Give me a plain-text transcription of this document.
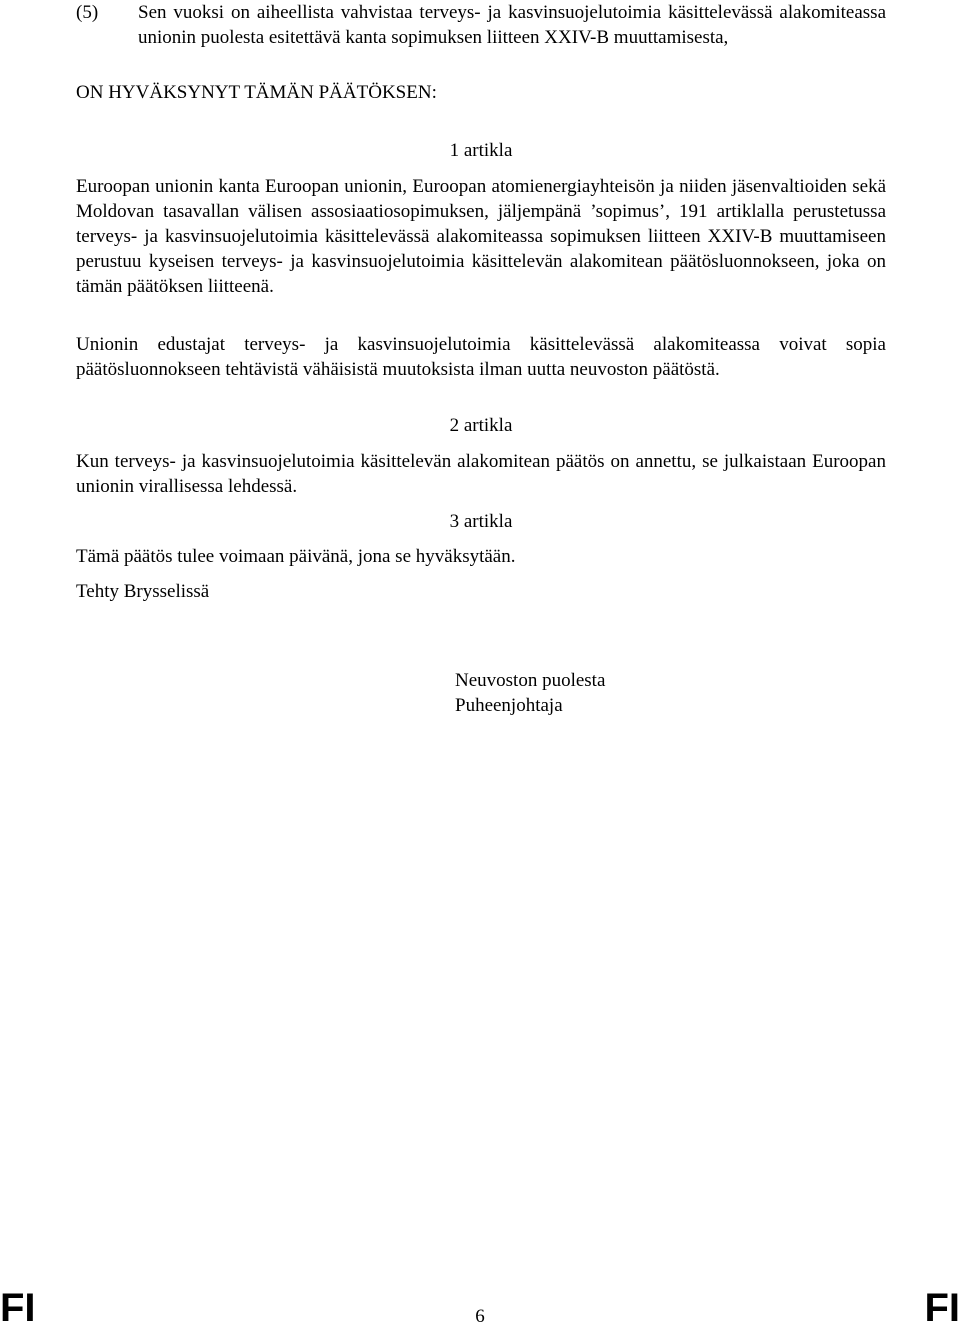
(5)	Sen vuoksi on aiheellista vahvistaa terveys- ja kasvinsuojelutoimia käsittelevässä alakomiteassa unionin puolesta esitettävä kanta sopimuksen liitteen XXIV-B muuttamisesta,
ON HYVÄKSYNYT TÄMÄN PÄÄTÖKSEN:
1 artikla
Euroopan unionin kanta Euroopan unionin, Euroopan atomienergiayhteisön ja niiden jäsenvaltioiden sekä Moldovan tasavallan välisen assosiaatiosopimuksen, jäljempänä ’sopimus’, 191 artiklalla perustetussa terveys- ja kasvinsuojelutoimia käsittelevässä alakomiteassa sopimuksen liitteen XXIV-B muuttamiseen perustuu kyseisen terveys- ja kasvinsuojelutoimia käsittelevän alakomitean päätösluonnokseen, joka on tämän päätöksen liitteenä.
Unionin edustajat terveys- ja kasvinsuojelutoimia käsittelevässä alakomiteassa voivat sopia päätösluonnokseen tehtävistä vähäisistä muutoksista ilman uutta neuvoston päätöstä.
2 artikla
Kun terveys- ja kasvinsuojelutoimia käsittelevän alakomitean päätös on annettu, se julkaistaan Euroopan unionin virallisessa lehdessä.
3 artikla
Tämä päätös tulee voimaan päivänä, jona se hyväksytään.
Tehty Brysselissä
Neuvoston puolesta
Puheenjohtaja
FI	6	FI
